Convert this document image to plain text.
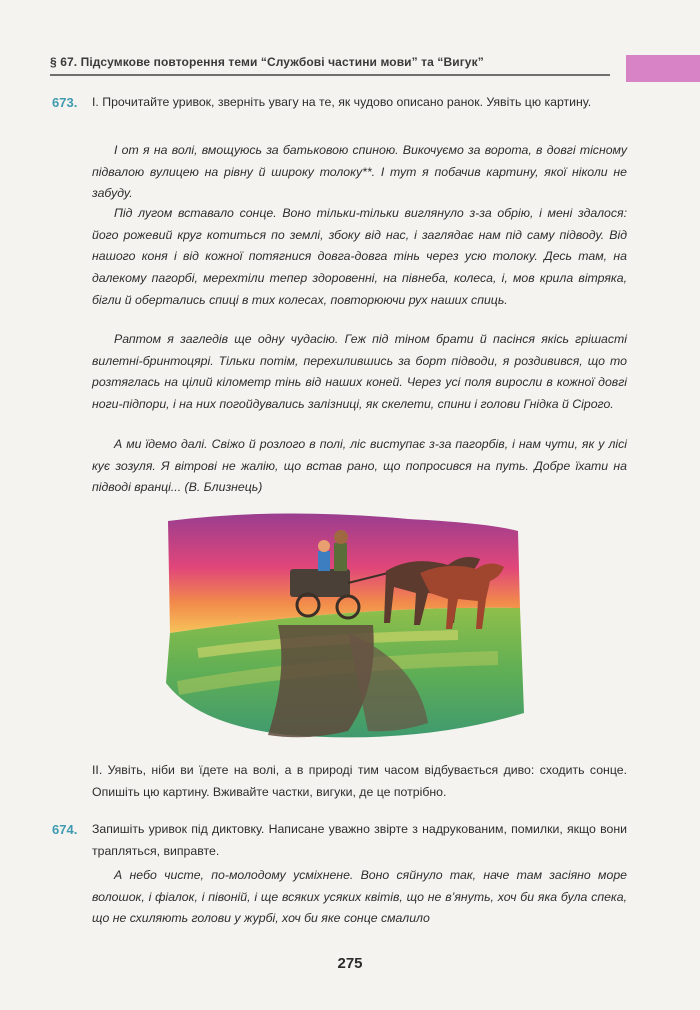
§ 67. Підсумкове повторення теми “Службові частини мови” та “Вигук”
673. І. Прочитайте уривок, зверніть увагу на те, як чудово описано ранок. Уявіть цю картину.

І от я на волі, вмощуюсь за батьковою спиною. Викочуємо за ворота, в довгі тісному підвалою вулицею на рівну й широку толоку**. І тут я побачив картину, якої ніколи не забуду.

Під лугом вставало сонце. Воно тільки-тільки виглянуло з-за обрію, і мені здалося: його рожевий круг котиться по землі, збоку від нас, і заглядає нам під саму підводу. Від нашого коня і від кожної потягнися довга-довга тінь через усю толоку. Десь там, на далекому пагорбі, мерехтіли тепер здоровенні, на півнеба, колеса, і, мов крила вітряка, бігли й обертались спиці в тих колесах, повторюючи рух наших спиць.

Раптом я загледів ще одну чудасію. Геж під тіном брати й пасінся якісь грішасті вилетні-бринтоцярі. Тільки потім, перехилившись за борт підводи, я роздивився, що то розтяглась на цілий кілометр тінь від наших коней. Через усі поля виросли в кожної довгі ноги-підпори, і на них погойдувались залізниці, як скелети, спини і голови Гнідка й Сірого.

А ми їдемо далі. Свіжо й розлого в полі, ліс виступає з-за пагорбів, і нам чути, як у лісі кує зозуля. Я вітрові не жалію, що встав рано, що попросився на путь. Добре їхати на підводі вранці... (В. Близнець)

ІІ. Уявіть, ніби ви їдете на волі, а в природі тим часом відбувається диво: сходить сонце. Опишіть цю картину. Вживайте частки, вигуки, де це потрібно.

674. Запишіть уривок під диктовку. Написане уважно звірте з надрукованим, помилки, якщо вони трапляться, виправте.

А небо чисте, по-молодому усміхнене. Воно сяйнуло так, наче там засіяно море волошок, і фіалок, і півоній, і ще всяких усяких квітів, що не в’януть, хоч би яка була спека, що не схиляють голови у журбі, хоч би яке сонце смалило

275
